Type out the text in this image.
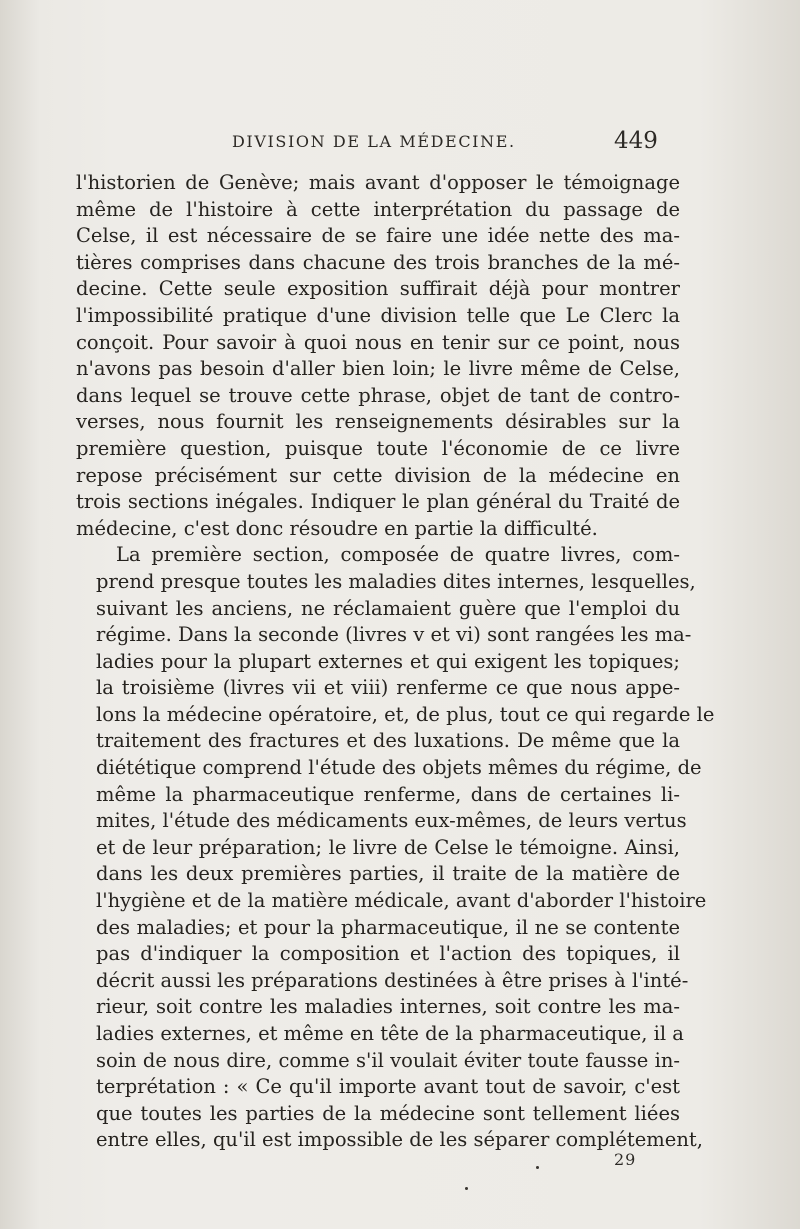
DIVISION DE LA MÉDECINE.	449
l'historien de Genève; mais avant d'opposer le témoignage
même de l'histoire à cette interprétation du passage de
Celse, il est nécessaire de se faire une idée nette des ma-
tières comprises dans chacune des trois branches de la mé-
decine. Cette seule exposition suffirait déjà pour montrer
l'impossibilité pratique d'une division telle que Le Clerc la
conçoit. Pour savoir à quoi nous en tenir sur ce point, nous
n'avons pas besoin d'aller bien loin; le livre même de Celse,
dans lequel se trouve cette phrase, objet de tant de contro-
verses, nous fournit les renseignements désirables sur la
première question, puisque toute l'économie de ce livre
repose précisément sur cette division de la médecine en
trois sections inégales. Indiquer le plan général du Traité de
médecine, c'est donc résoudre en partie la difficulté.
La première section, composée de quatre livres, com-
prend presque toutes les maladies dites internes, lesquelles,
suivant les anciens, ne réclamaient guère que l'emploi du
régime. Dans la seconde (livres v et vi) sont rangées les ma-
ladies pour la plupart externes et qui exigent les topiques;
la troisième (livres vii et viii) renferme ce que nous appe-
lons la médecine opératoire, et, de plus, tout ce qui regarde le
traitement des fractures et des luxations. De même que la
diététique comprend l'étude des objets mêmes du régime, de
même la pharmaceutique renferme, dans de certaines li-
mites, l'étude des médicaments eux-mêmes, de leurs vertus
et de leur préparation; le livre de Celse le témoigne. Ainsi,
dans les deux premières parties, il traite de la matière de
l'hygiène et de la matière médicale, avant d'aborder l'histoire
des maladies; et pour la pharmaceutique, il ne se contente
pas d'indiquer la composition et l'action des topiques, il
décrit aussi les préparations destinées à être prises à l'inté-
rieur, soit contre les maladies internes, soit contre les ma-
ladies externes, et même en tête de la pharmaceutique, il a
soin de nous dire, comme s'il voulait éviter toute fausse in-
terprétation : « Ce qu'il importe avant tout de savoir, c'est
que toutes les parties de la médecine sont tellement liées
entre elles, qu'il est impossible de les séparer complétement,
29
